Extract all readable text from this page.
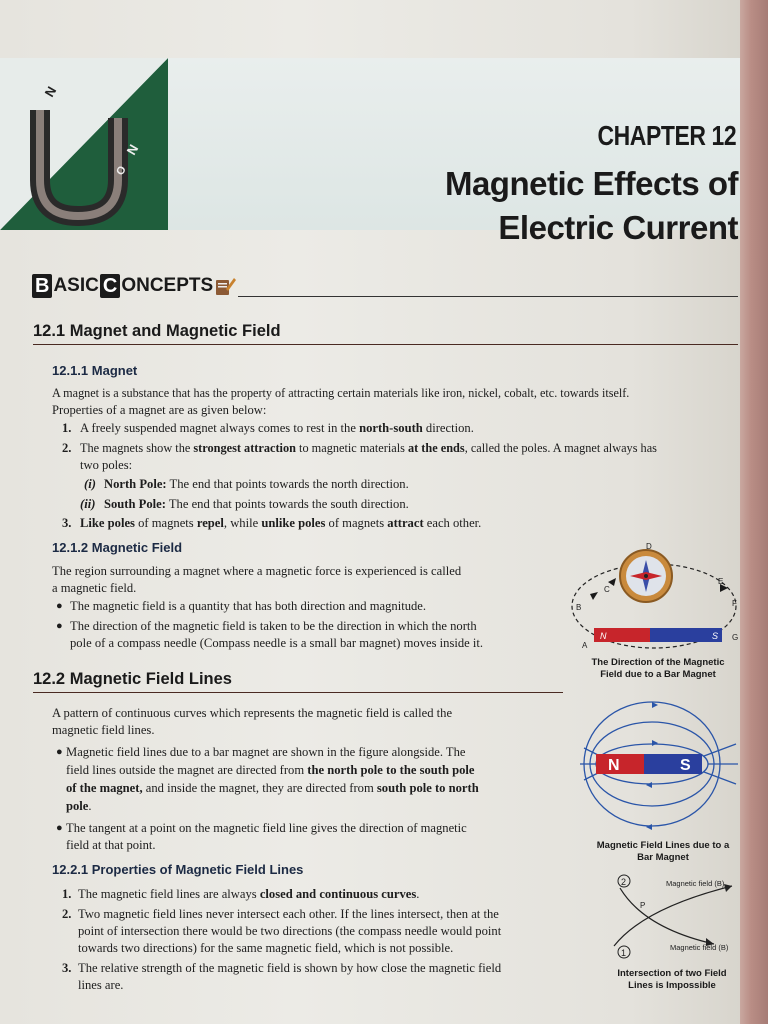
N
N
O
CHAPTER 12
Magnetic Effects of
Electric Current
B ASIC C ONCEPTS
12.1 Magnet and Magnetic Field
12.1.1 Magnet
A magnet is a substance that has the property of attracting certain materials like iron, nickel, cobalt, etc. towards itself.
Properties of a magnet are as given below:
1. A freely suspended magnet always comes to rest in the north-south direction.
2. The magnets show the strongest attraction to magnetic materials at the ends, called the poles. A magnet always has
two poles:
(i) North Pole: The end that points towards the north direction.
(ii) South Pole: The end that points towards the south direction.
3. Like poles of magnets repel, while unlike poles of magnets attract each other.
12.1.2 Magnetic Field
The region surrounding a magnet where a magnetic force is experienced is called
a magnetic field.
● The magnetic field is a quantity that has both direction and magnitude.
● The direction of the magnetic field is taken to be the direction in which the north
pole of a compass needle (Compass needle is a small bar magnet) moves inside it.	N	S
D
C
B
A
E
F
G
The Direction of the Magnetic
Field due to a Bar Magnet
12.2 Magnetic Field Lines
A pattern of continuous curves which represents the magnetic field is called the
magnetic field lines.
● Magnetic field lines due to a bar magnet are shown in the figure alongside. The
field lines outside the magnet are directed from the north pole to the south pole
of the magnet, and inside the magnet, they are directed from south pole to north
pole.
● The tangent at a point on the magnetic field line gives the direction of magnetic
field at that point.
N	S
Magnetic Field Lines due to a
Bar Magnet
12.2.1 Properties of Magnetic Field Lines
1. The magnetic field lines are always closed and continuous curves.
2. Two magnetic field lines never intersect each other. If the lines intersect, then at the
point of intersection there would be two directions (the compass needle would point
towards two directions) for the same magnetic field, which is not possible.
3. The relative strength of the magnetic field is shown by how close the magnetic field
lines are.
2
1
P
Magnetic field (B)
Magnetic field (B)
Intersection of two Field
Lines is Impossible
